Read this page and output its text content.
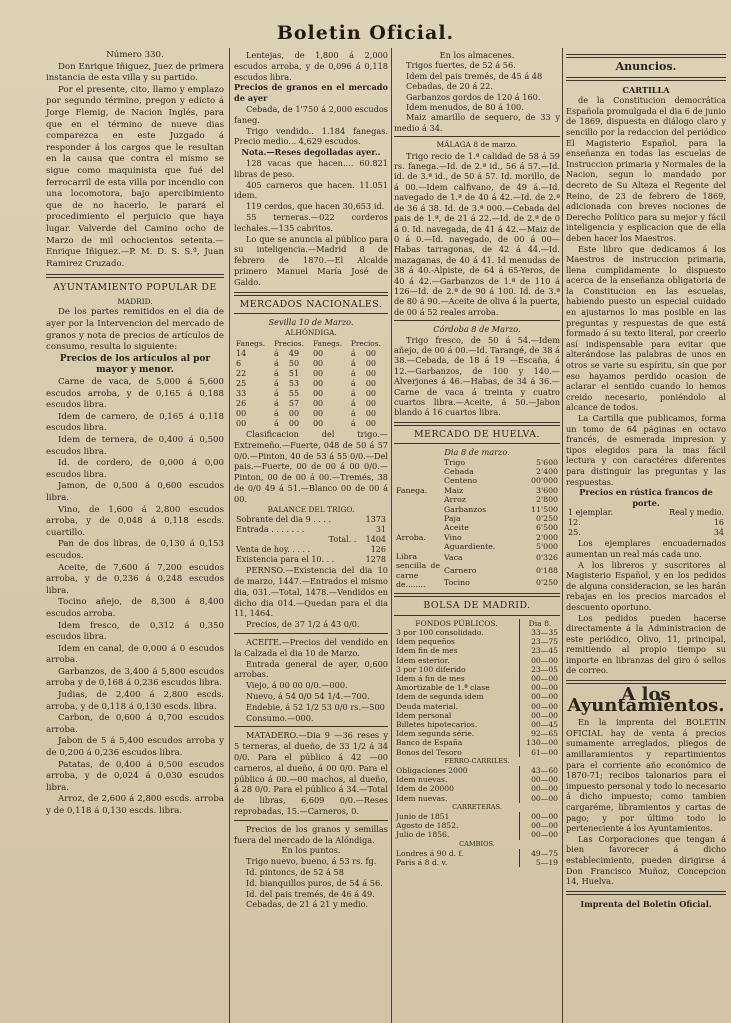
Boletin Oficial.

Número 330.

Don Enrique Iñiguez, Juez de primera instancia de esta villa y su partido.

Por el presente, cito, llamo y emplazo por segundo término, pregon y edicto á Jorge Flemig, de Nacion Inglés, para que en el término de nueve dias comparezca en este Juzgado á responder á los cargos que le resultan en la causa que contra el mismo se sigue como maquinista que fué del ferrocarril de esta villa por incendio con una locomotora, bajo apercibimiento que de no hacerlo, le parará el procedimiento el perjuicio que haya lugar. Valverde del Camino ocho de Marzo de mil ochocientos setenta.—Enrique Iñiguez.—P. M. D. S. S.ª, Juan Ramirez Cruzado.

AYUNTAMIENTO POPULAR DE
MADRID.

De los partes remitidos en el dia de ayer por la Intervencion del mercado de granos y nota de precios de artículos de consumo, resulta lo siguiente:

Precios de los artículos al por mayor y menor.

Carne de vaca, de 5,000 á 5,600 escudos arroba, y de 0,165 á 0,188 escudos libra.

Idem de carnero, de 0,165 á 0,118 escudos libra.

Idem de ternera, de 0,400 á 0,500 escudos libra.

Id. de cordero, de 0,000 á 0,00 escudos libra.

Jamon, de 0,500 á 0,600 escudos libra.

Vino, de 1,600 á 2,800 escudos arroba, y de 0,048 á 0,118 escds. cuartillo.

Pan de dos libras, de 0,130 á 0,153 escudos.

Aceite, de 7,600 á 7,200 escudos arroba, y de 0,236 á 0,248 escudos libra.

Tocino añejo, de 8,300 á 8,400 escudos arroba.

Idem fresco, de 0,312 á 0,350 escudos libra.

Idem en canal, de 0,000 á 0 escudos arroba.

Garbanzos, de 3,400 á 5,800 escudos arroba y de 0,168 á 0,236 escudos libra.

Judias, de 2,400 á 2,800 escds. arroba, y de 0,118 á 0,130 escds. libra.

Carbon, de 0,600 á 0,700 escudos arroba.

Jabon de 5 á 5,400 escudos arroba y de 0,200 á 0,236 escudos libra.

Patatas, de 0,400 á 0,500 escudos arroba, y de 0,024 á 0,030 escudos libra.

Arroz, de 2,600 á 2,800 escds. arroba y de 0,118 á 0,130 escds. libra.

Lentejas, de 1,800 á 2,000 escudos arroba, y de 0,096 á 0,118 escudos libra.

Precios de granos en el mercado de ayer

Cebada, de 1'750 á 2,000 escudos faneg.

Trigo vendido.. 1.184 fanegas. Precio medio... 4,629 escudos.

Nota.—Reses degolladas ayer..

128 vacas que hacen.... 60.821 libras de peso.

405 carneros que hacen. 11.051 idem.

119 cerdos, que hacen 30,653 id.

55 terneras.—022 corderos lechales.—135 cabritos.

Lo que se anuncia al público para su inteligencia.—Madrid 8 de febrero de 1870.—El Alcalde primero Manuel María José de Galdo.

MERCADOS NACIONALES.

Sevilla 10 de Marzo.

ALHÓNDIGA.

Fanegs.	Precios.		Fanegs.	Precios.	
14	á	49	00	á	00
6	á	50	00	á	00
22	á	51	00	á	00
25	á	53	00	á	00
33	á	55	00	á	00
26	á	57	00	á	00
00	á	00	00	á	00
00	á	00	00	á	00

Clasificacion del trigo.—Extremeño.—Fuerte, 048 de 50 á 57 0/0.—Pinton, 40 de 53 á 55 0/0.—Del pais.—Fuerte, 00 de 00 á 00 0/0.—Pinton, 00 de 00 á 00.—Tremés, 38 de 0/0 49 á 51.—Blanco 00 de 00 á 00.

BALANCE DEL TRIGO.

Sobrante del dia 9 . . . .	1373
Entrada . . . . . . .	31
Total. .	1404
Venta de hoy. . . . .	126
Existencia para el 10. . .	1278

PERNSO.—Existencia del dia 10 de marzo, 1447.—Entrados el mismo dia, 031.—Total, 1478.—Vendidos en dicho dia 014.—Quedan para el dia 11, 1464.

Precios, de 37 1/2 á 43 0/0.

ACEITE.—Precios del vendido en la Calzada el dia 10 de Marzo.

Entrada general de ayer, 0,600 arrobas.

Viejo, á 00 00 0/0.—000.

Nuevo, á 54 0/0 54 1/4.—700.

Endebie, á 52 1/2 53 0/0 rs.—500

Consumo.—000.

MATADERO.—Dia 9 —36 reses y 5 terneras, al dueño, de 33 1/2 á 34 0/0. Para el público á 42 —00 carneros, al dueño, á 00 0/0. Para el público á 00.—00 machos, al dueño, á 28 0/0. Para el público á 34.—Total de libras, 6,609 0/0.—Reses reprobadas, 15.—Carneros, 0.

Precios de los granos y semillas fuera del mercado de la Alóndiga.

En los puntos.

Trigo nuevo, bueno, á 53 rs. fg.

Id. pintoncs, de 52 á 58

Id. bianquillos puros, de 54 á 56.

Id. del pais tremés, de 46 á 49.

Cebadas, de 21 á 21 y medio.

En los almacenes.

Trigos fuertes, de 52 á 56.

Idem del pais tremés, de 45 á 48

Cebadas, de 20 á 22.

Garbanzos gordos de 120 á 160.

Idem menudos, de 80 á 100.

Maiz amarillo de sequero, de 33 y medio á 34.

MÁLAGA 8 de marzo.

Trigo recio de 1.ª calidad de 58 á 59 rs. fanega.—Id. de 2.ª id., 56 á 57.—Id. id. de 3.ª id., de 50 á 57. Id. morillo, de á 00.—Idem calfivano, de 49 á.—Id. navegado de 1.ª de 40 á 42.—Id. de 2.ª de 36 á 38. Id. de 3.ª 000.—Cebada del pais de 1.ª, de 21 á 22.—Id. de 2.ª de 0 á 0. Id. navegada, de 41 á 42.—Maiz de 0 á 0.—Id. navegado, de 00 á 00—Habas tarragonas, de 42 á 44.—Id. mazaganas, de 40 á 41. Id menudas de 38 á 40.-Alpiste, de 64 á 65-Yeros, de 40 á 42.—Garbanzos de 1.ª de 110 á 126—Id. de 2.ª de 90 á 100. Id. de 3.ª de 80 á 90.—Aceite de oliva á la puerta, de 00 á 52 reales arroba.

Córdoba 8 de Marzo.

Trigo fresco, de 50 á 54.—Idem añejo, de 00 á 00.—Id. Tarangé, de 38 á 38.—Cebada, de 18 á 19 —Escaña, á 12.—Garbanzos, de 100 y 140.—Alverjones á 46.—Habas, de 34 á 36.—Carne de vaca á treinta y cuatro cuartos libra.—Aceite, á 50.—Jabon blando á 16 cuartos libra.

MERCADO DE HUELVA.

Dia 8 de marzo.

Fanega.	Trigo	5'600
	Cebada	2'400
	Centeno	00'000
	Maiz	3'600
	Arroz	2'800
	Garbanzos	11'500
	Paja	0'250
Arroba.	Aceite	6'500
	Vino	2'000
	Aguardiente.	5'000
Libra sencilla de carne de........	Vaca	0'326
	Carnero	0'188
	Tocino	0'250
BOLSA DE MADRID.
FONDOS PÚBLICOS.	Dia 8.
3 por 100 consolidado.	33—35
Idem pequeños	23—75
Idem fin de mes	23—45
Idem esterior.	00—00
3 por 100 diferido	23—05
Idem á fin de mes	00—00
Amortizable de 1.ª clase	00—00
Idem de segunda idem	00—00
Deuda material.	00—00
Idem personal	00—00
Billetes hipotecarios.	00—45
Idem segunda série.	92—65
Banco de España	130—00
Bonos del Tesoro	61—00
FERRO-CARRILES.	
Obligaciones 2000	43—60
Idem nuevas.	00—00
Idem de 20000	00—00
Idem nuevas.	00—00
CARRETERAS.	
Junio de 1851	00—00
Agosto de 1852.	00—00
Julio de 1856.	00—00
CAMBIOS.	
Londres á 90 d. f.	49—75
Paris á 8 d. v.	5—19
Anuncios.

CARTILLA

de la Constitucion democrática Española promulgada el dia 6 de junio de 1869, dispuesta en diálogo claro y sencillo por la redaccion del periódico El Magisterio Español, para la enseñanza en todas las escuelas de Instruccion primaria y Normales de la Nacion, segun lo mandado por decreto de Su Alteza el Regente del Reino, de 23 de febrero de 1869, adicionada con breves nociones de Derecho Político para su mejor y fácil inteligencia y esplicacion que de ella deben hacer los Maestros.

Este libro que dedicamos á los Maestros de instruccion primaria, llena cumplidamente lo dispuesto acerca de la enseñanza obligatoria de la Constitucion en las escuelas, habiendo puesto un especial cuidado en ajustarnos lo mas posible en las preguntas y respuestas de que está formado á su texto literal, por creerlo así indispensable para evitar que alterándose las palabras de unos en otros se varie su espíritu, sin que por eso hayamos perdido ocasion de aclarar el sentido cuando lo hemos creido necesario, poniéndolo al alcance de todos.

La Cartilla que publicamos, forma un tomo de 64 páginas en octavo francés, de esmerada impresion y tipos elegidos para la mas fácil lectura y con caractéres diferentes para distinguir las preguntas y las respuestas.

Precios en rústica francos de porte.

1 ejemplar.	Real y medio.
12.	16
25.	34

Los ejemplares encuadernados aumentan un real más cada uno.

A los libreros y suscritores al Magisterio Español, y en los pedidos de alguna consideracion, se les harán rebajas en los precios marcados el descuento oportuno.

Los pedidos pueden hacerse directamente á la Administracion de este periódico, Olivo, 11, principal, remitiendo al propio tiempo su importe en libranzas del giro ó sellos de correo.

A los Ayuntamientos.

En la imprenta del BOLETIN OFICIAL hay de venta á precios sumamente arreglados, pliegos de amillaramientos y repartimientos para el corriente año económico de 1870-71; recibos talonarios para el impuesto personal y todo lo necesario á dicho impuesto; como tambien cargaréme, libramientos y cartas de pago; y por último todo lo perteneciente á los Ayuntamientos.

Las Corporaciones que tengan á bien favorecer á dicho establecimiento, pueden dirigirse á Don Francisco Muñoz, Concepcion 14, Huelva.

Imprenta del Boletin Oficial.
